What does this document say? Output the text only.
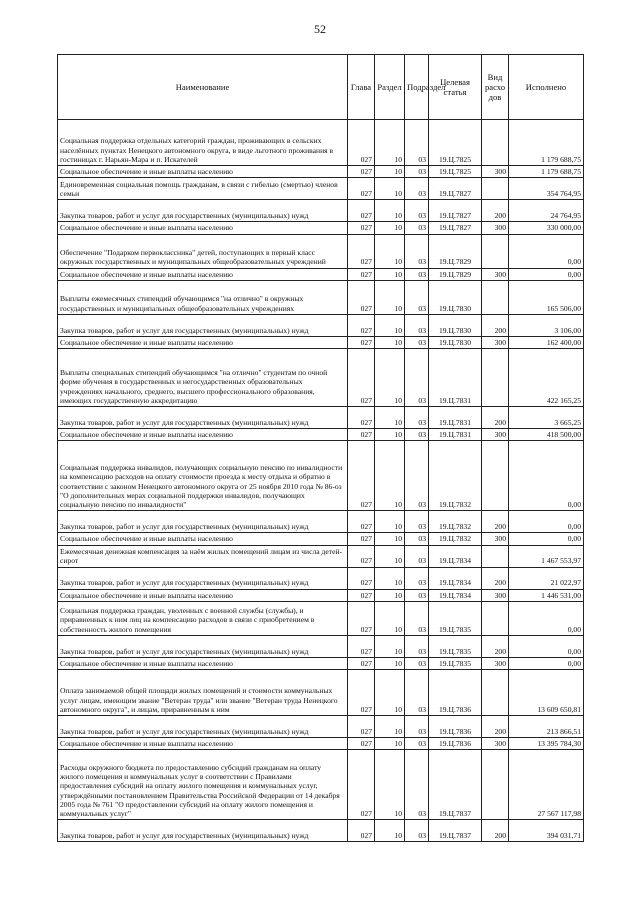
52
Наименование	Глава	Раздел	Подраздел	Целевая статья	Вид расхо дов	Исполнено
Социальная поддержка отдельных категорий граждан, проживающих в сельских населённых пунктах Ненецкого автономного округа, в виде льготного проживания в гостиницах г. Нарьян-Мара и п. Искателей	027	10	03	19.Ц.7825		1 179 688,75
Социальное обеспечение и иные выплаты населению	027	10	03	19.Ц.7825	300	1 179 688,75
Единовременная социальная помощь гражданам, в связи с гибелью (смертью) членов семьи	027	10	03	19.Ц.7827		354 764,95
Закупка товаров, работ и услуг для государственных (муниципальных) нужд	027	10	03	19.Ц.7827	200	24 764,95
Социальное обеспечение и иные выплаты населению	027	10	03	19.Ц.7827	300	330 000,00
Обеспечение "Подарком первоклассника" детей, поступающих в первый класс окружных государственных и муниципальных общеобразовательных учреждений	027	10	03	19.Ц.7829		0,00
Социальное обеспечение и иные выплаты населению	027	10	03	19.Ц.7829	300	0,00
Выплаты ежемесячных стипендий обучающимся "на отлично" в окружных государственных и муниципальных общеобразовательных учреждениях	027	10	03	19.Ц.7830		165 506,00
Закупка товаров, работ и услуг для государственных (муниципальных) нужд	027	10	03	19.Ц.7830	200	3 106,00
Социальное обеспечение и иные выплаты населению	027	10	03	19.Ц.7830	300	162 400,00
Выплаты специальных стипендий обучающимся "на отлично" студентам по очной форме обучения в государственных и негосударственных образовательных учреждениях начального, среднего, высшего профессионального образования, имеющих государственную аккредитацию	027	10	03	19.Ц.7831		422 165,25
Закупка товаров, работ и услуг для государственных (муниципальных) нужд	027	10	03	19.Ц.7831	200	3 665,25
Социальное обеспечение и иные выплаты населению	027	10	03	19.Ц.7831	300	418 500,00
Социальная поддержка инвалидов, получающих социальную пенсию по инвалидности на компенсацию расходов на оплату стоимости проезда к месту отдыха и обратно в соответствии с законом Ненецкого автономного округа от 25 ноября 2010 года № 86-оз "О дополнительных мерах социальной поддержки инвалидов, получающих социальную пенсию по инвалидности"	027	10	03	19.Ц.7832		0,00
Закупка товаров, работ и услуг для государственных (муниципальных) нужд	027	10	03	19.Ц.7832	200	0,00
Социальное обеспечение и иные выплаты населению	027	10	03	19.Ц.7832	300	0,00
Ежемесячная денежная компенсация за наём жилых помещений лицам из числа детей-сирот	027	10	03	19.Ц.7834		1 467 553,97
Закупка товаров, работ и услуг для государственных (муниципальных) нужд	027	10	03	19.Ц.7834	200	21 022,97
Социальное обеспечение и иные выплаты населению	027	10	03	19.Ц.7834	300	1 446 531,00
Социальная поддержка граждан, уволенных с военной службы (службы), и приравненных к ним лиц на компенсацию расходов в связи с приобретением в собственность жилого помещения	027	10	03	19.Ц.7835		0,00
Закупка товаров, работ и услуг для государственных (муниципальных) нужд	027	10	03	19.Ц.7835	200	0,00
Социальное обеспечение и иные выплаты населению	027	10	03	19.Ц.7835	300	0,00
Оплата занимаемой общей площади жилых помещений и стоимости коммунальных услуг лицам, имеющим звание "Ветеран труда" или звание "Ветеран труда Ненецкого автономного округа", и лицам, приравненным к ним	027	10	03	19.Ц.7836		13 609 650,81
Закупка товаров, работ и услуг для государственных (муниципальных) нужд	027	10	03	19.Ц.7836	200	213 866,51
Социальное обеспечение и иные выплаты населению	027	10	03	19.Ц.7836	300	13 395 784,30
Расходы окружного бюджета по предоставлению субсидий гражданам на оплату жилого помещения и коммунальных услуг в соответствии с Правилами предоставления субсидий на оплату жилого помещения и коммунальных услуг, утверждёнными постановлением Правительства Российской Федерации от 14 декабря 2005 года № 761 "О предоставлении субсидий на оплату жилого помещения и коммунальных услуг"	027	10	03	19.Ц.7837		27 567 117,98
Закупка товаров, работ и услуг для государственных (муниципальных) нужд	027	10	03	19.Ц.7837	200	394 031,71
